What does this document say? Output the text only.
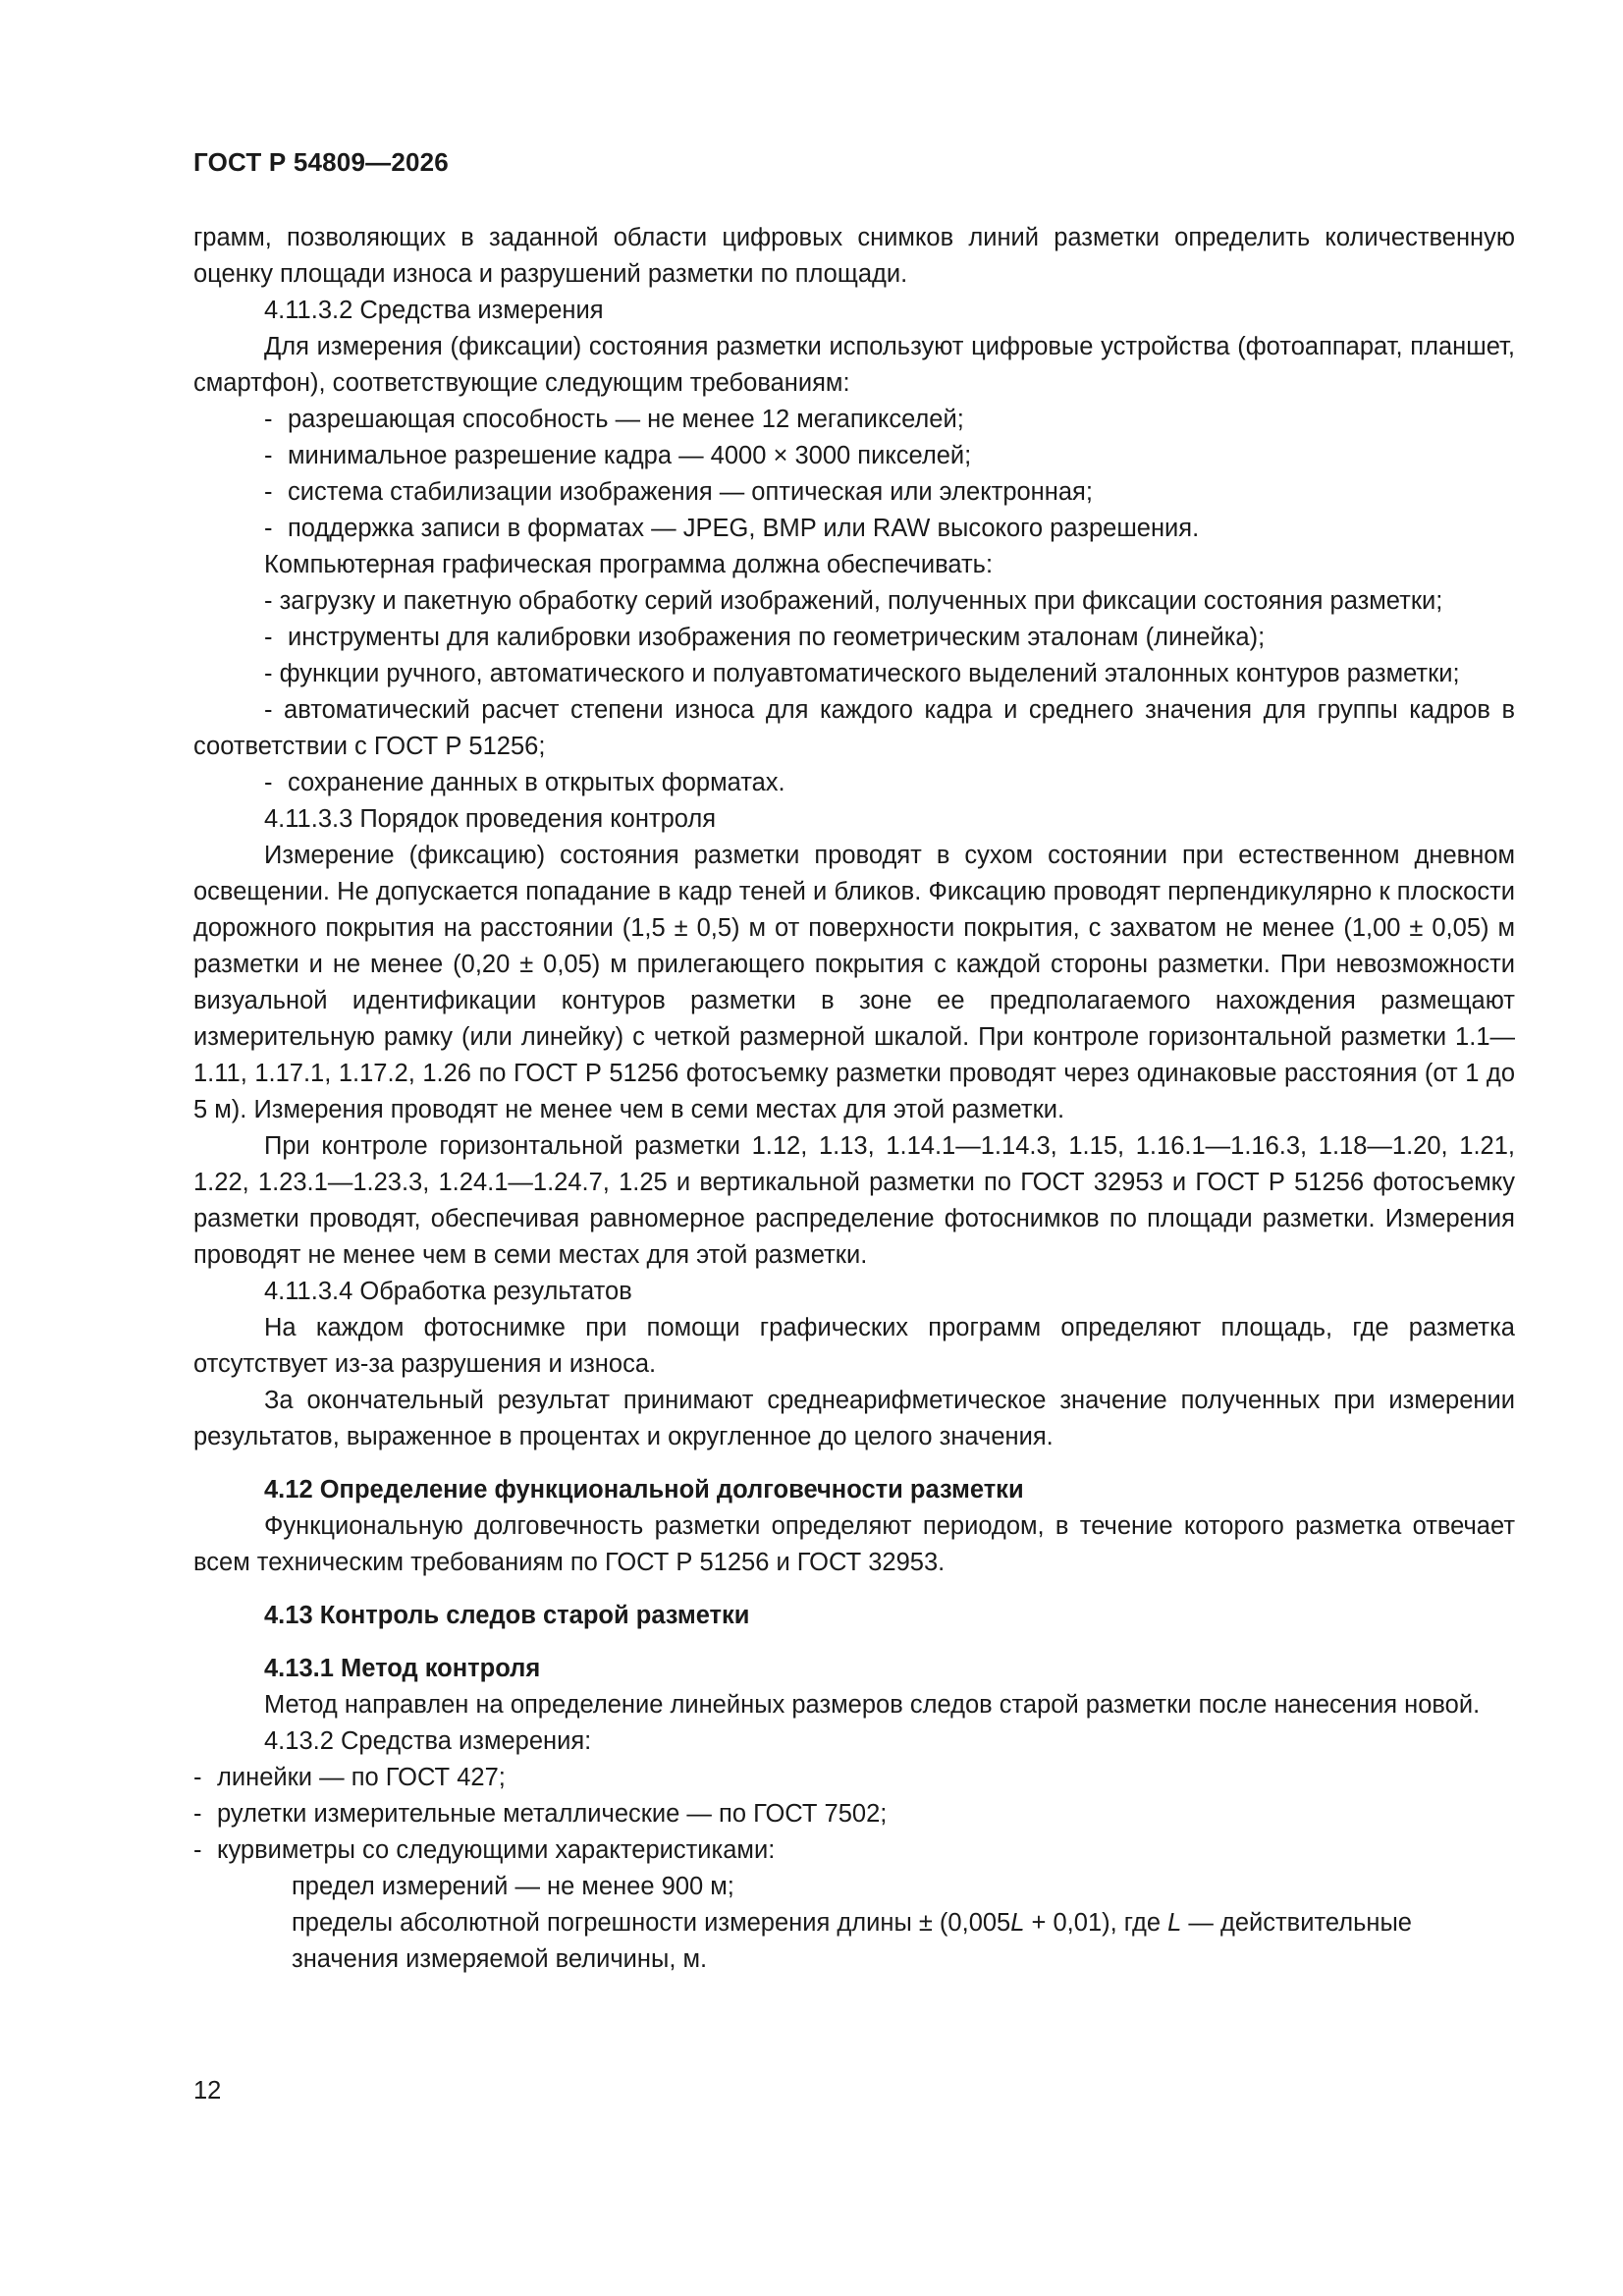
ГОСТ Р 54809—2026

грамм, позволяющих в заданной области цифровых снимков линий разметки определить количественную оценку площади износа и разрушений разметки по площади.

4.11.3.2 Средства измерения

Для измерения (фиксации) состояния разметки используют цифровые устройства (фотоаппарат, планшет, смартфон), соответствующие следующим требованиям:

- разрешающая способность — не менее 12 мегапикселей;

- минимальное разрешение кадра — 4000 × 3000 пикселей;

- система стабилизации изображения — оптическая или электронная;

- поддержка записи в форматах — JPEG, BMP или RAW высокого разрешения.

Компьютерная графическая программа должна обеспечивать:

- загрузку и пакетную обработку серий изображений, полученных при фиксации состояния разметки;

- инструменты для калибровки изображения по геометрическим эталонам (линейка);

- функции ручного, автоматического и полуавтоматического выделений эталонных контуров разметки;

- автоматический расчет степени износа для каждого кадра и среднего значения для группы кадров в соответствии с ГОСТ Р 51256;

- сохранение данных в открытых форматах.

4.11.3.3 Порядок проведения контроля

Измерение (фиксацию) состояния разметки проводят в сухом состоянии при естественном дневном освещении. Не допускается попадание в кадр теней и бликов. Фиксацию проводят перпендикулярно к плоскости дорожного покрытия на расстоянии (1,5 ± 0,5) м от поверхности покрытия, с захватом не менее (1,00 ± 0,05) м разметки и не менее (0,20 ± 0,05) м прилегающего покрытия с каждой стороны разметки. При невозможности визуальной идентификации контуров разметки в зоне ее предполагаемого нахождения размещают измерительную рамку (или линейку) с четкой размерной шкалой. При контроле горизонтальной разметки 1.1—1.11, 1.17.1, 1.17.2, 1.26 по ГОСТ Р 51256 фотосъемку разметки проводят через одинаковые расстояния (от 1 до 5 м). Измерения проводят не менее чем в семи местах для этой разметки.

При контроле горизонтальной разметки 1.12, 1.13, 1.14.1—1.14.3, 1.15, 1.16.1—1.16.3, 1.18—1.20, 1.21, 1.22, 1.23.1—1.23.3, 1.24.1—1.24.7, 1.25 и вертикальной разметки по ГОСТ 32953 и ГОСТ Р 51256 фотосъемку разметки проводят, обеспечивая равномерное распределение фотоснимков по площади разметки. Измерения проводят не менее чем в семи местах для этой разметки.

4.11.3.4 Обработка результатов

На каждом фотоснимке при помощи графических программ определяют площадь, где разметка отсутствует из-за разрушения и износа.

За окончательный результат принимают среднеарифметическое значение полученных при измерении результатов, выраженное в процентах и округленное до целого значения.

4.12 Определение функциональной долговечности разметки

Функциональную долговечность разметки определяют периодом, в течение которого разметка отвечает всем техническим требованиям по ГОСТ Р 51256 и ГОСТ 32953.

4.13 Контроль следов старой разметки
4.13.1 Метод контроля

Метод направлен на определение линейных размеров следов старой разметки после нанесения новой.

4.13.2 Средства измерения:

- линейки — по ГОСТ 427;

- рулетки измерительные металлические — по ГОСТ 7502;

- курвиметры со следующими характеристиками:

предел измерений — не менее 900 м;

пределы абсолютной погрешности измерения длины ± (0,005L + 0,01), где L — действительные значения измеряемой величины, м.

12
